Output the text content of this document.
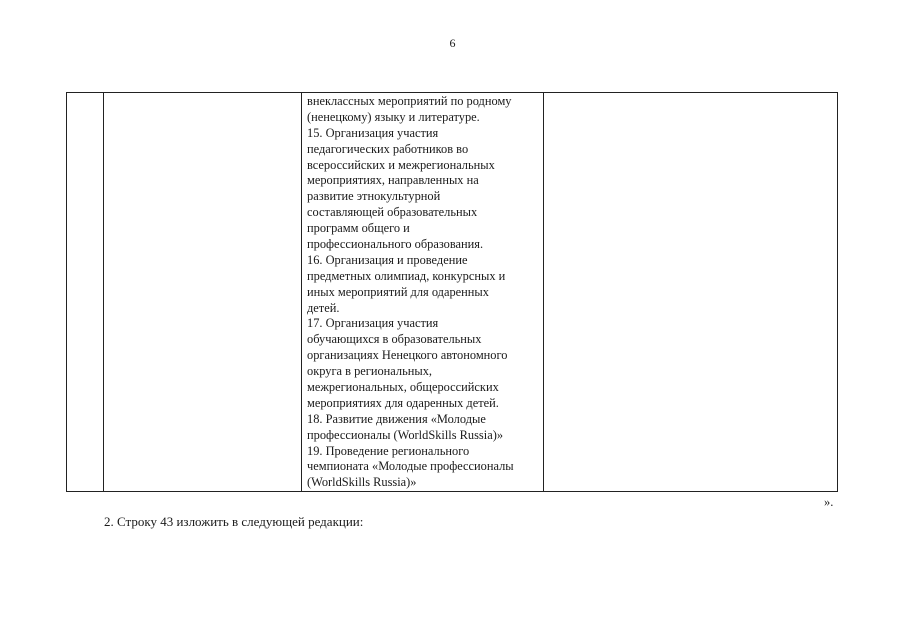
6
внеклассных мероприятий по родному
(ненецкому) языку и литературе.
15. Организация участия
педагогических работников во
всероссийских и межрегиональных
мероприятиях, направленных на
развитие этнокультурной
составляющей образовательных
программ общего и
профессионального образования.
16. Организация и проведение
предметных олимпиад, конкурсных и
иных мероприятий для одаренных
детей.
17. Организация участия
обучающихся в образовательных
организациях Ненецкого автономного
округа в региональных,
межрегиональных, общероссийских
мероприятиях для одаренных детей.
18. Развитие движения «Молодые
профессионалы (WorldSkills Russia)»
19. Проведение регионального
чемпионата «Молодые профессионалы
(WorldSkills Russia)»
».
2. Строку 43 изложить в следующей редакции:
